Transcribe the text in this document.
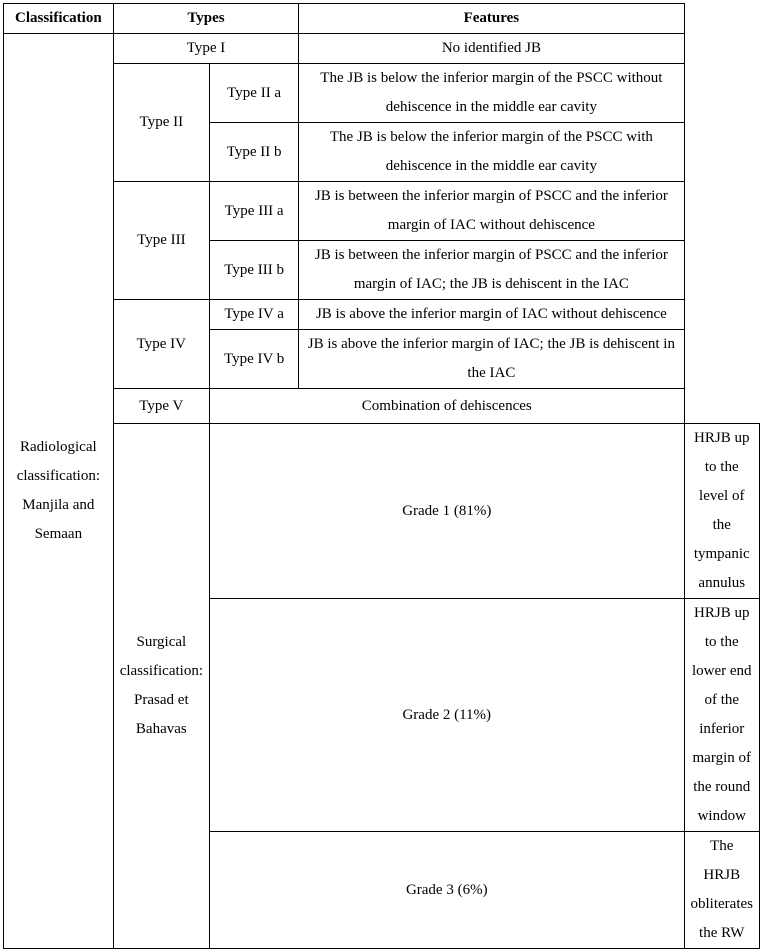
Classification	Types		Features	
Radiological classification: Manjila and Semaan	Type I		No identified JB	
	Type II	Type II a	The JB is below the inferior margin of the PSCC without dehiscence in the middle ear cavity	
		Type II b	The JB is below the inferior margin of the PSCC with dehiscence in the middle ear cavity	
	Type III	Type III a	JB is between the inferior margin of PSCC and the inferior margin of IAC without dehiscence	
		Type III b	JB is between the inferior margin of PSCC and the inferior margin of IAC; the JB is dehiscent in the IAC	
	Type IV	Type IV a	JB is above the inferior margin of IAC without dehiscence	
		Type IV b	JB is above the inferior margin of IAC; the JB is dehiscent in the IAC	
	Type V	Combination of dehiscences		
	Surgical classification: Prasad et Bahavas	Grade 1 (81%)		HRJB up to the level of the tympanic annulus
		Grade 2 (11%)		HRJB up to the lower end of the inferior margin of the round window
		Grade 3 (6%)		The HRJB obliterates the RW
